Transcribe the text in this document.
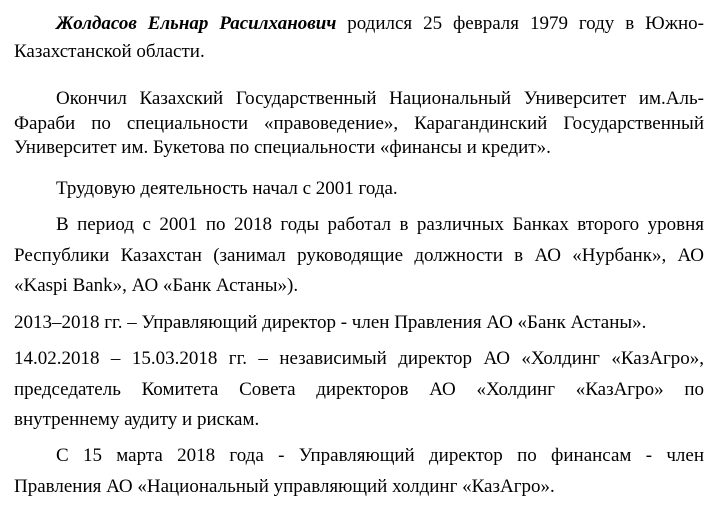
Жолдасов Ельнар Расилханович родился 25 февраля 1979 году в Южно-
Казахстанской области.
Окончил Казахский Государственный Национальный Университет им.Аль-
Фараби по специальности «правоведение», Карагандинский Государственный
Университет им. Букетова по специальности «финансы и кредит».
Трудовую деятельность начал с 2001 года.
В период с 2001 по 2018 годы работал в различных Банках второго уровня
Республики Казахстан (занимал руководящие должности в АО «Нурбанк», АО
«Kaspi Bank», АО «Банк Астаны»).
2013–2018 гг. – Управляющий директор - член Правления АО «Банк Астаны».
14.02.2018 – 15.03.2018 гг. – независимый директор АО «Холдинг «КазАгро»,
председатель Комитета Совета директоров АО «Холдинг «КазАгро» по
внутреннему аудиту и рискам.
С 15 марта 2018 года - Управляющий директор по финансам - член
Правления АО «Национальный управляющий холдинг «КазАгро».
